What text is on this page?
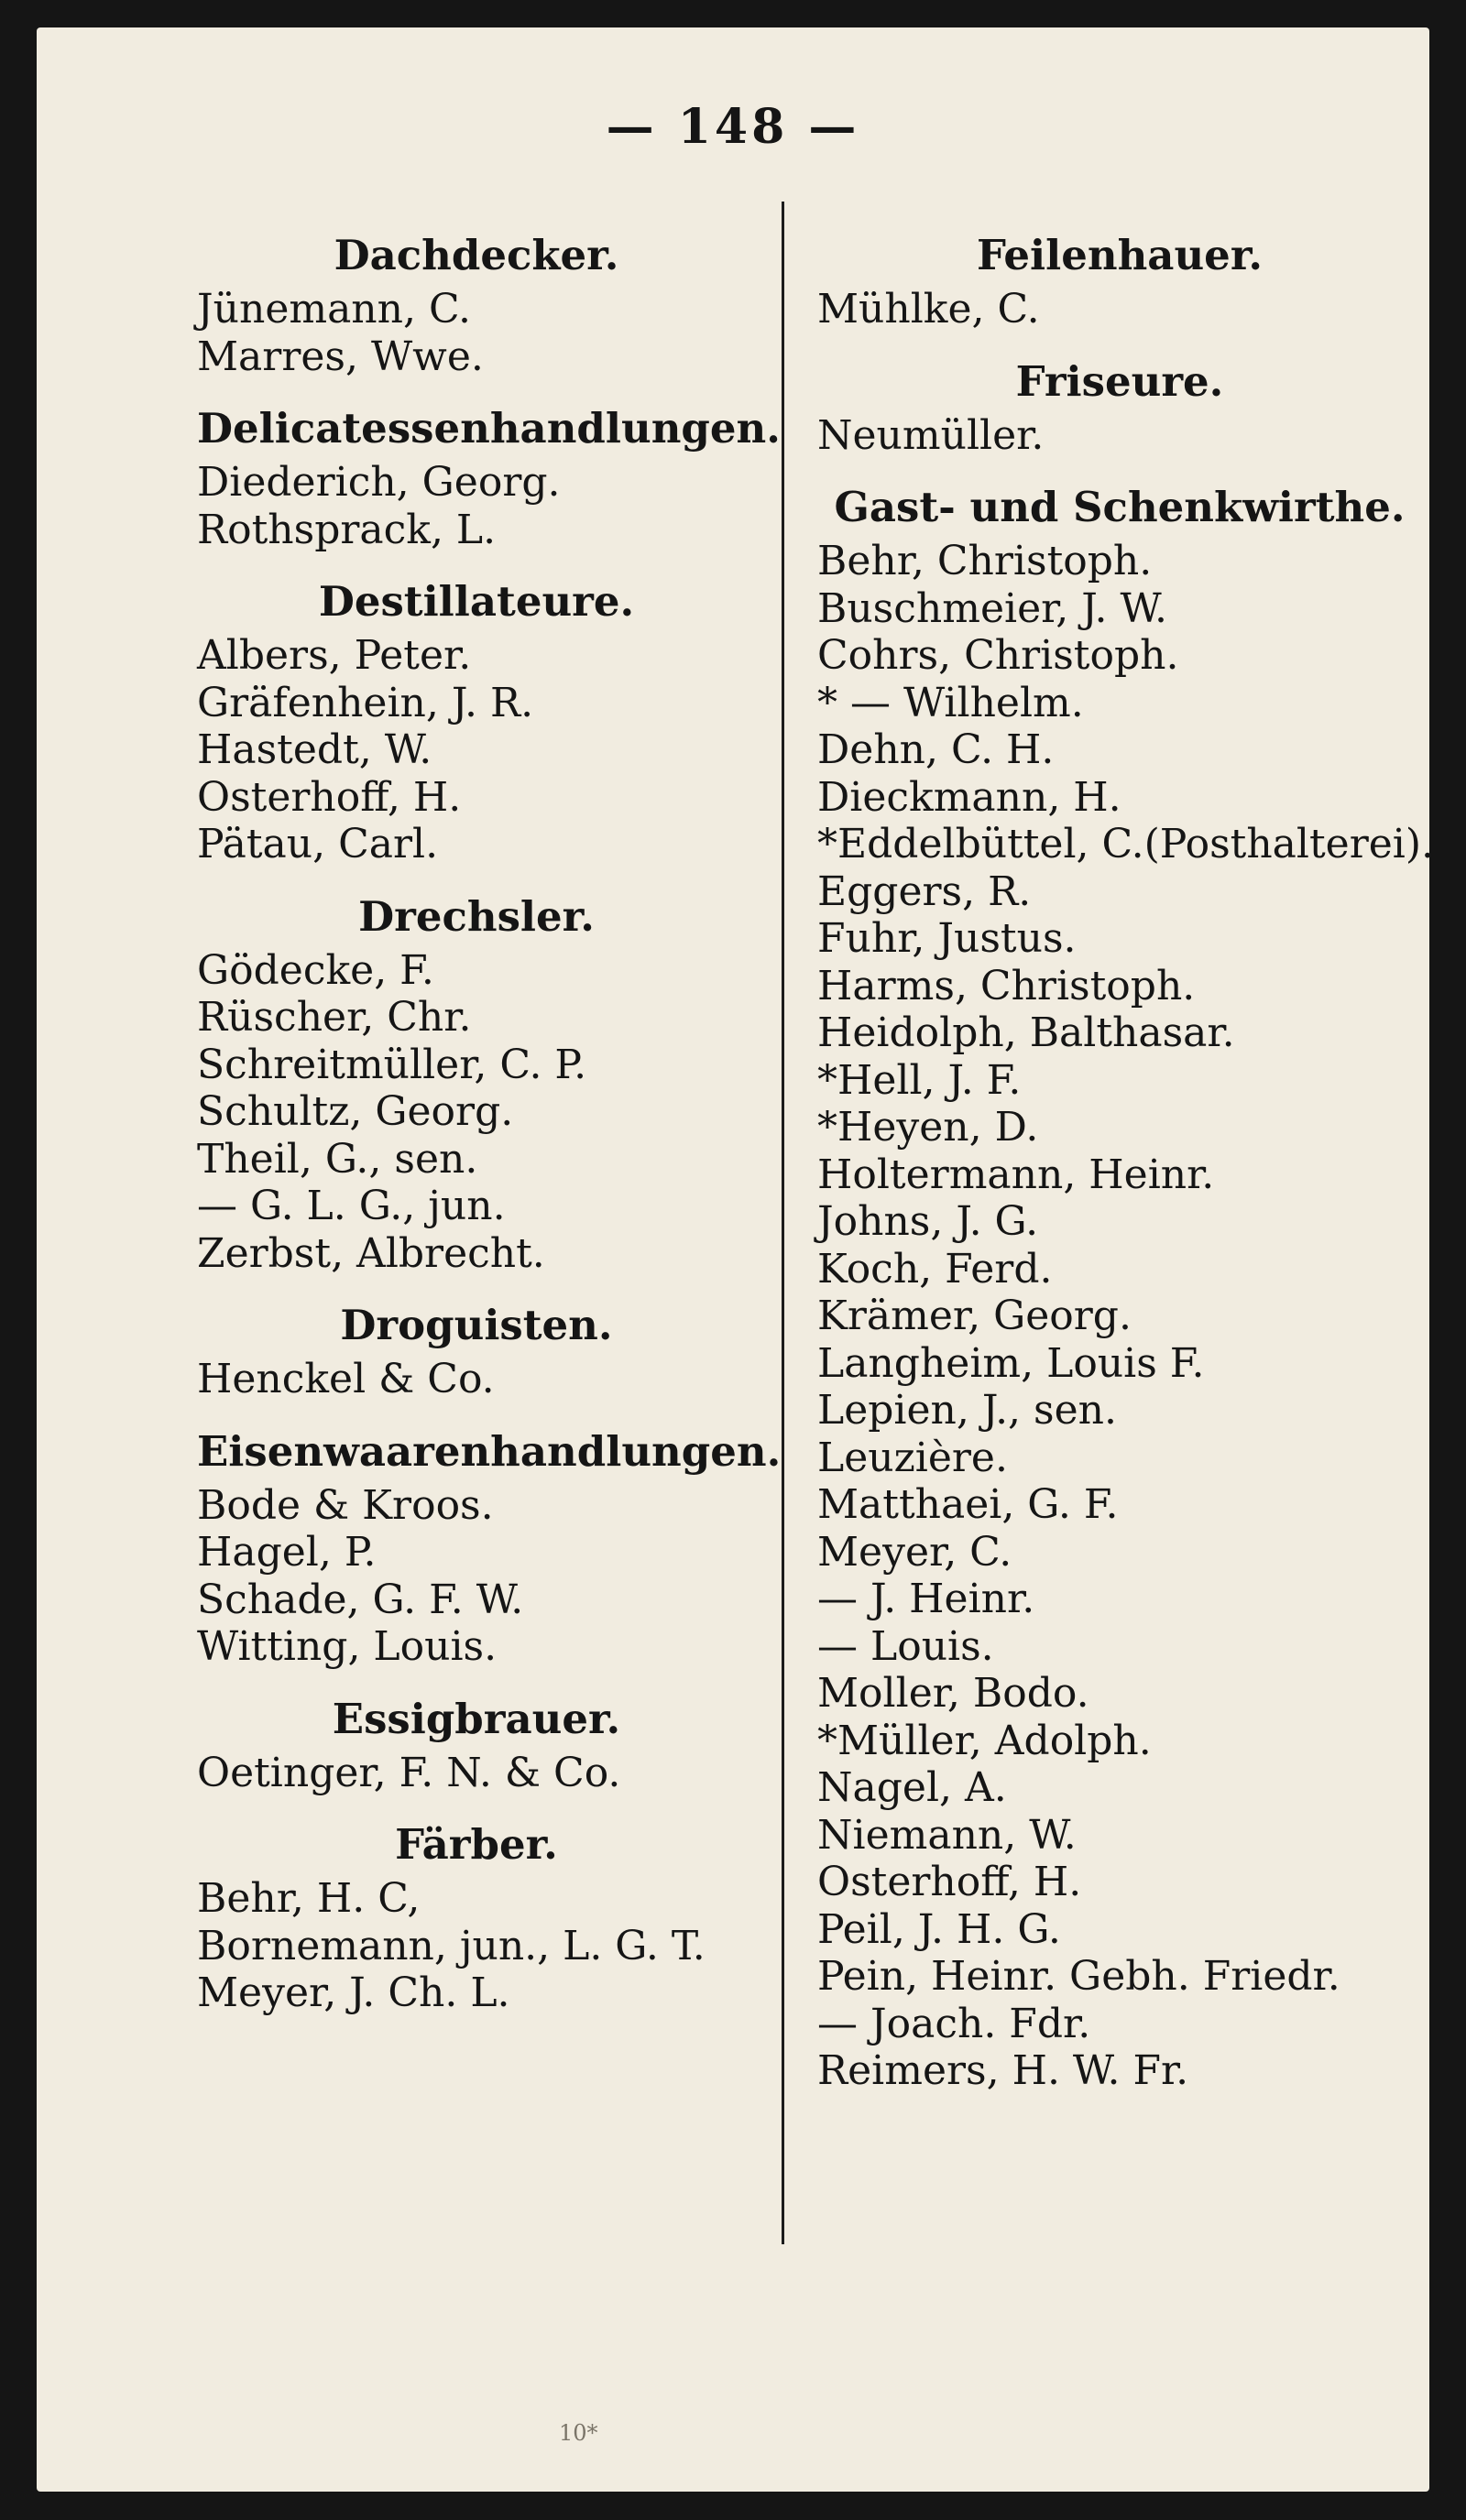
— 148 —
Dachdecker.
Jünemann, C.
Marres, Wwe.
Delicatessenhandlungen.
Diederich, Georg.
Rothsprack, L.
Destillateure.
Albers, Peter.
Gräfenhein, J. R.
Hastedt, W.
Osterhoff, H.
Pätau, Carl.
Drechsler.
Gödecke, F.
Rüscher, Chr.
Schreitmüller, C. P.
Schultz, Georg.
Theil, G., sen.
— G. L. G., jun.
Zerbst, Albrecht.
Droguisten.
Henckel & Co.
Eisenwaarenhandlungen.
Bode & Kroos.
Hagel, P.
Schade, G. F. W.
Witting, Louis.
Essigbrauer.
Oetinger, F. N. & Co.
Färber.
Behr, H. C,
Bornemann, jun., L. G. T.
Meyer, J. Ch. L.
Feilenhauer.
Mühlke, C.
Friseure.
Neumüller.
Gast- und Schenkwirthe.
Behr, Christoph.
Buschmeier, J. W.
Cohrs, Christoph.
* — Wilhelm.
Dehn, C. H.
Dieckmann, H.
*Eddelbüttel, C.(Posthalterei).
Eggers, R.
Fuhr, Justus.
Harms, Christoph.
Heidolph, Balthasar.
*Hell, J. F.
*Heyen, D.
Holtermann, Heinr.
Johns, J. G.
Koch, Ferd.
Krämer, Georg.
Langheim, Louis F.
Lepien, J., sen.
Leuzière.
Matthaei, G. F.
Meyer, C.
— J. Heinr.
— Louis.
Moller, Bodo.
*Müller, Adolph.
Nagel, A.
Niemann, W.
Osterhoff, H.
Peil, J. H. G.
Pein, Heinr. Gebh. Friedr.
— Joach. Fdr.
Reimers, H. W. Fr.
10*
